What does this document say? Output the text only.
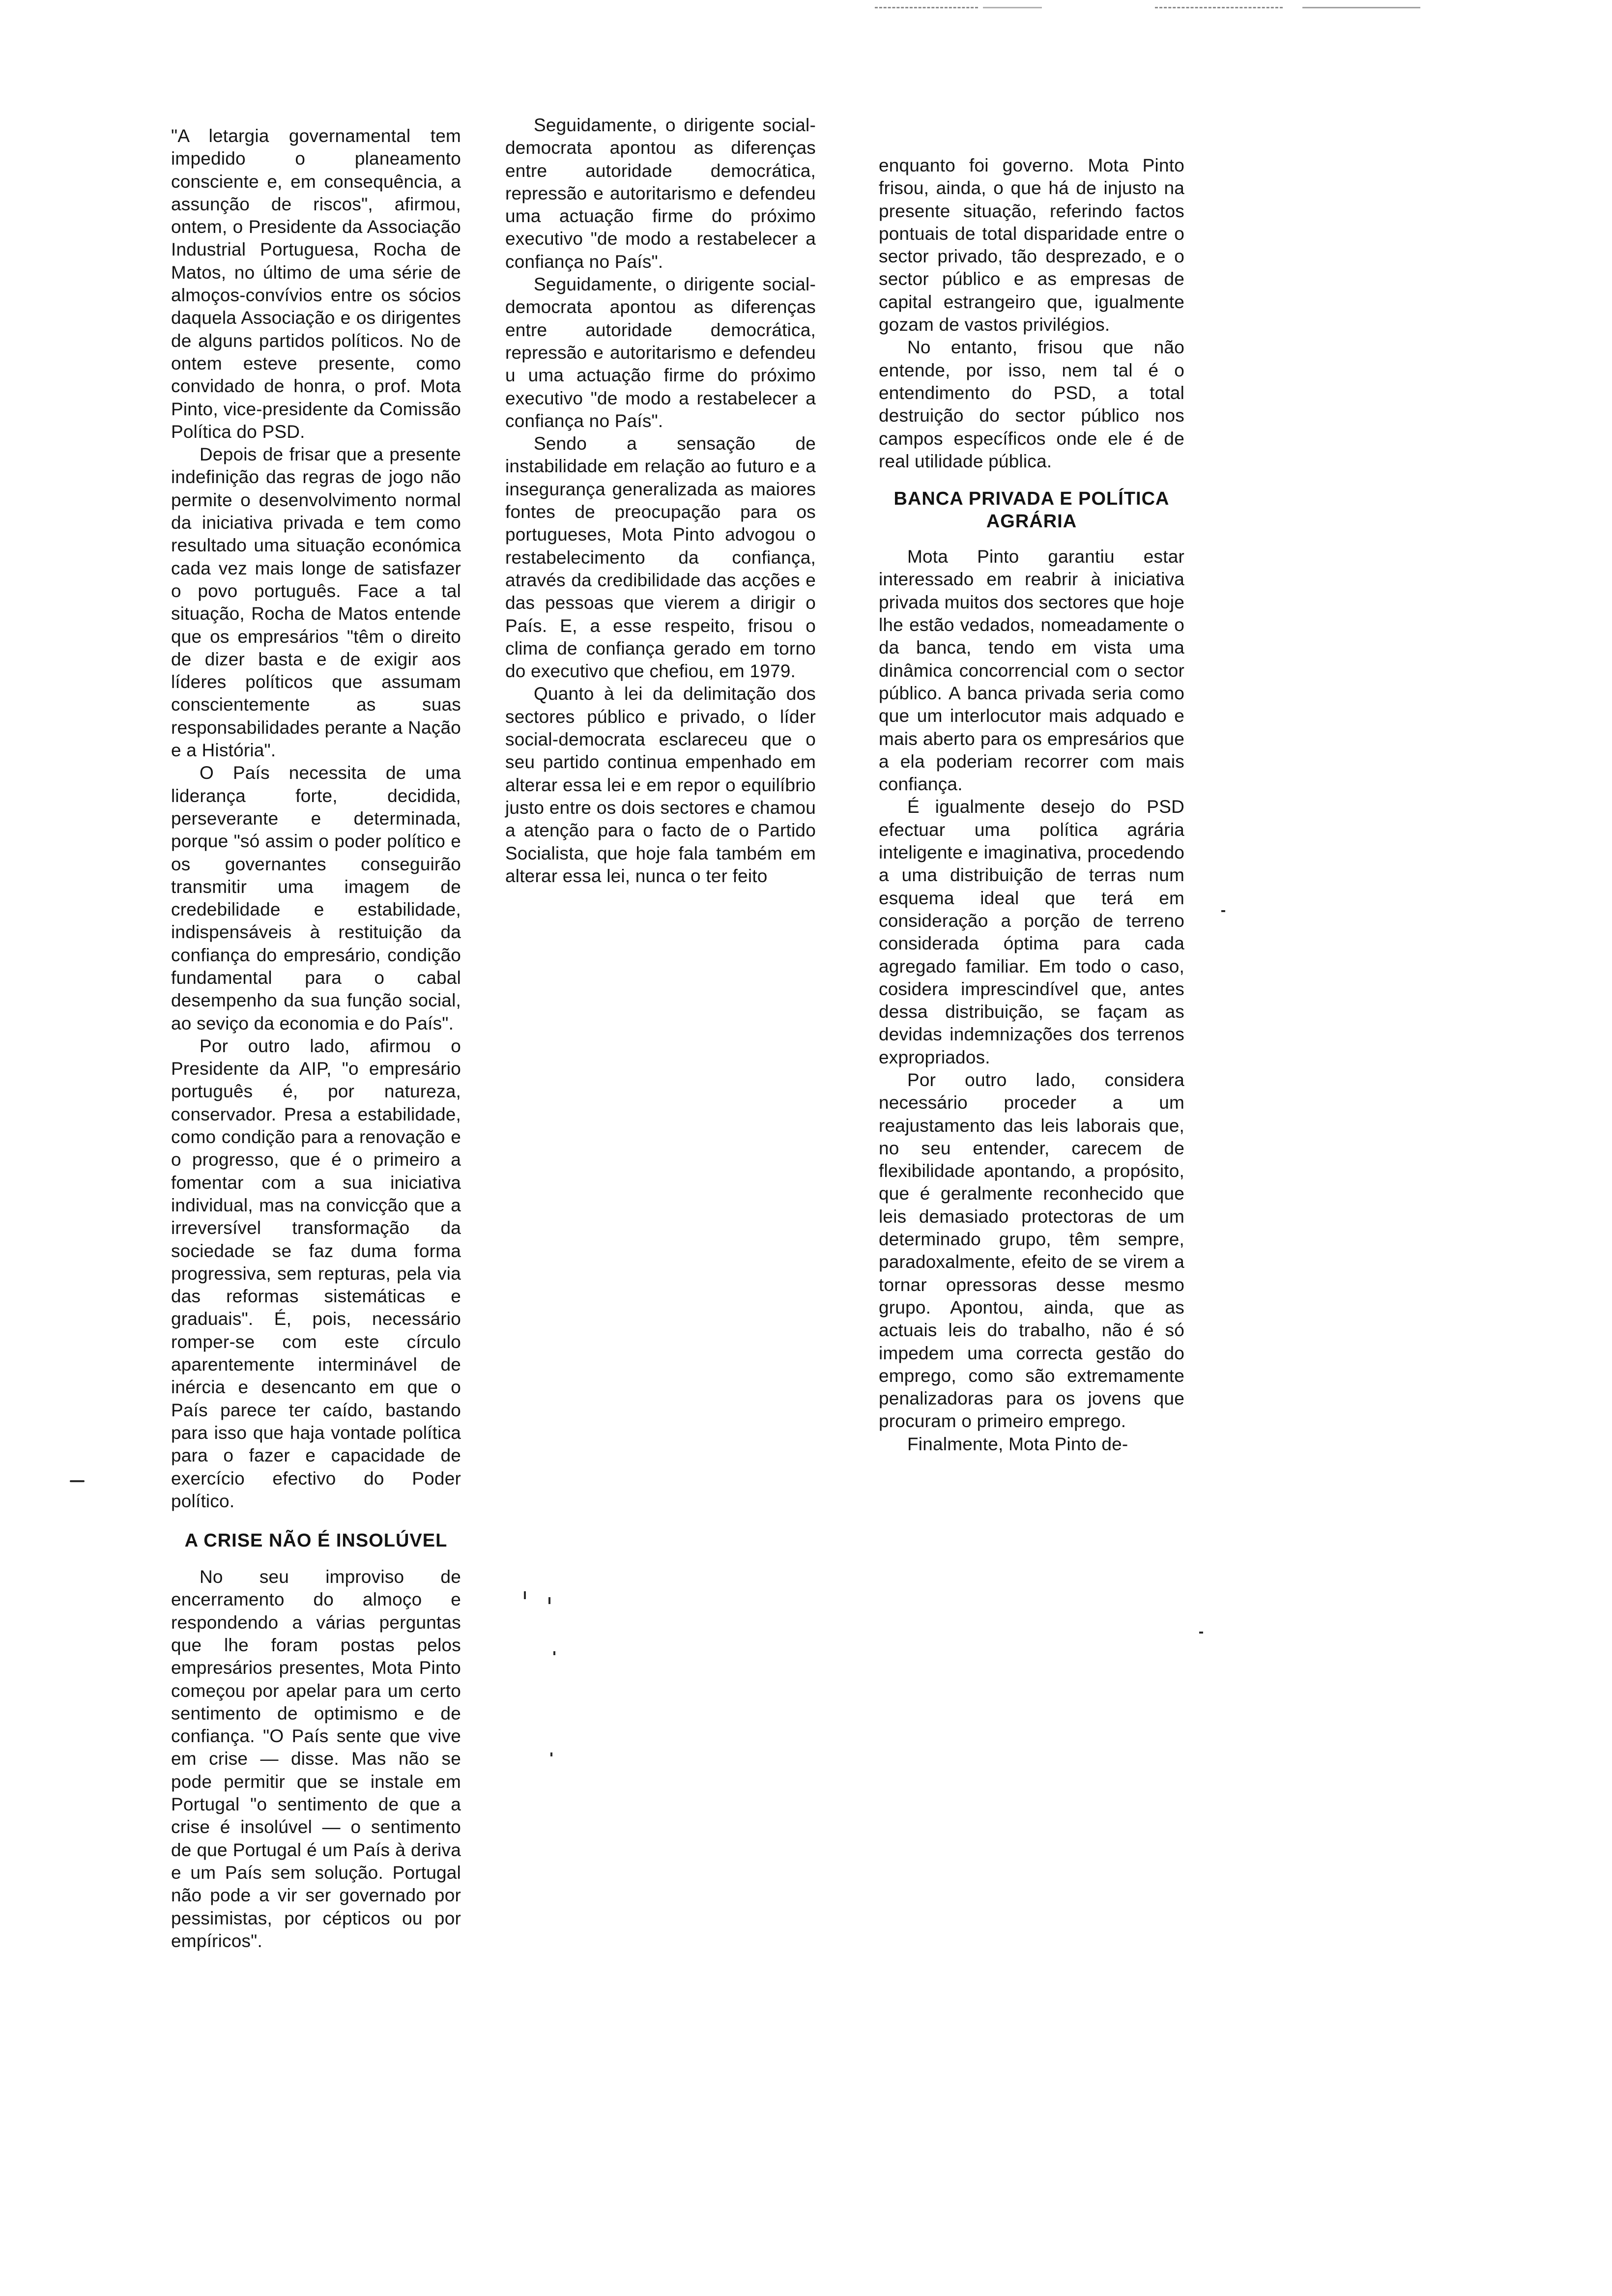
"A letargia governamental tem impedido o planeamento consciente e, em consequência, a assunção de riscos", afirmou, ontem, o Presidente da Associação Industrial Portuguesa, Rocha de Matos, no último de uma série de almoços-convívios entre os sócios daquela Associação e os dirigentes de alguns partidos políticos. No de ontem esteve presente, como convidado de honra, o prof. Mota Pinto, vice-presidente da Comissão Política do PSD.

Depois de frisar que a presente indefinição das regras de jogo não permite o desenvolvimento normal da iniciativa privada e tem como resultado uma situação económica cada vez mais longe de satisfazer o povo português. Face a tal situação, Rocha de Matos entende que os empresários "têm o direito de dizer basta e de exigir aos líderes políticos que assumam conscientemente as suas responsabilidades perante a Nação e a História".

O País necessita de uma liderança forte, decidida, perseverante e determinada, porque "só assim o poder político e os governantes conseguirão transmitir uma imagem de credebilidade e estabilidade, indispensáveis à restituição da confiança do empresário, condição fundamental para o cabal desempenho da sua função social, ao seviço da economia e do País".

Por outro lado, afirmou o Presidente da AIP, "o empresário português é, por natureza, conservador. Presa a estabilidade, como condição para a renovação e o progresso, que é o primeiro a fomentar com a sua iniciativa individual, mas na convicção que a irreversível transformação da sociedade se faz duma forma progressiva, sem repturas, pela via das reformas sistemáticas e graduais". É, pois, necessário romper-se com este círculo aparentemente interminável de inércia e desencanto em que o País parece ter caído, bastando para isso que haja vontade política para o fazer e capacidade de exercício efectivo do Poder político.

A CRISE NÃO É INSOLÚVEL

No seu improviso de encerramento do almoço e respondendo a várias perguntas que lhe foram postas pelos empresários presentes, Mota Pinto começou por apelar para um certo sentimento de optimismo e de confiança. "O País sente que vive em crise — disse. Mas não se pode permitir que se instale em Portugal "o sentimento de que a crise é insolúvel — o sentimento de que Portugal é um País à deriva e um País sem solução. Portugal não pode a vir ser governado por pessimistas, por cépticos ou por empíricos".

Seguidamente, o dirigente social-democrata apontou as diferenças entre autoridade democrática, repressão e autoritarismo e defendeu uma actuação firme do próximo executivo "de modo a restabelecer a confiança no País".

Seguidamente, o dirigente social-democrata apontou as diferenças entre autoridade democrática, repressão e autoritarismo e defendeu u uma actuação firme do próximo executivo "de modo a restabelecer a confiança no País".

Sendo a sensação de instabilidade em relação ao futuro e a insegurança generalizada as maiores fontes de preocupação para os portugueses, Mota Pinto advogou o restabelecimento da confiança, através da credibilidade das acções e das pessoas que vierem a dirigir o País. E, a esse respeito, frisou o clima de confiança gerado em torno do executivo que chefiou, em 1979.

Quanto à lei da delimitação dos sectores público e privado, o líder social-democrata esclareceu que o seu partido continua empenhado em alterar essa lei e em repor o equilíbrio justo entre os dois sectores e chamou a atenção para o facto de o Partido Socialista, que hoje fala também em alterar essa lei, nunca o ter feito

enquanto foi governo. Mota Pinto frisou, ainda, o que há de injusto na presente situação, referindo factos pontuais de total disparidade entre o sector privado, tão desprezado, e o sector público e as empresas de capital estrangeiro que, igualmente gozam de vastos privilégios.

No entanto, frisou que não entende, por isso, nem tal é o entendimento do PSD, a total destruição do sector público nos campos específicos onde ele é de real utilidade pública.

BANCA PRIVADA E POLÍTICA AGRÁRIA

Mota Pinto garantiu estar interessado em reabrir à iniciativa privada muitos dos sectores que hoje lhe estão vedados, nomeadamente o da banca, tendo em vista uma dinâmica concorrencial com o sector público. A banca privada seria como que um interlocutor mais adquado e mais aberto para os empresários que a ela poderiam recorrer com mais confiança.

É igualmente desejo do PSD efectuar uma política agrária inteligente e imaginativa, procedendo a uma distribuição de terras num esquema ideal que terá em consideração a porção de terreno considerada óptima para cada agregado familiar. Em todo o caso, cosidera imprescindível que, antes dessa distribuição, se façam as devidas indemnizações dos terrenos expropriados.

Por outro lado, considera necessário proceder a um reajustamento das leis laborais que, no seu entender, carecem de flexibilidade apontando, a propósito, que é geralmente reconhecido que leis demasiado protectoras de um determinado grupo, têm sempre, paradoxalmente, efeito de se virem a tornar opressoras desse mesmo grupo. Apontou, ainda, que as actuais leis do trabalho, não é só impedem uma correcta gestão do emprego, como são extremamente penalizadoras para os jovens que procuram o primeiro emprego.

Finalmente, Mota Pinto de-
